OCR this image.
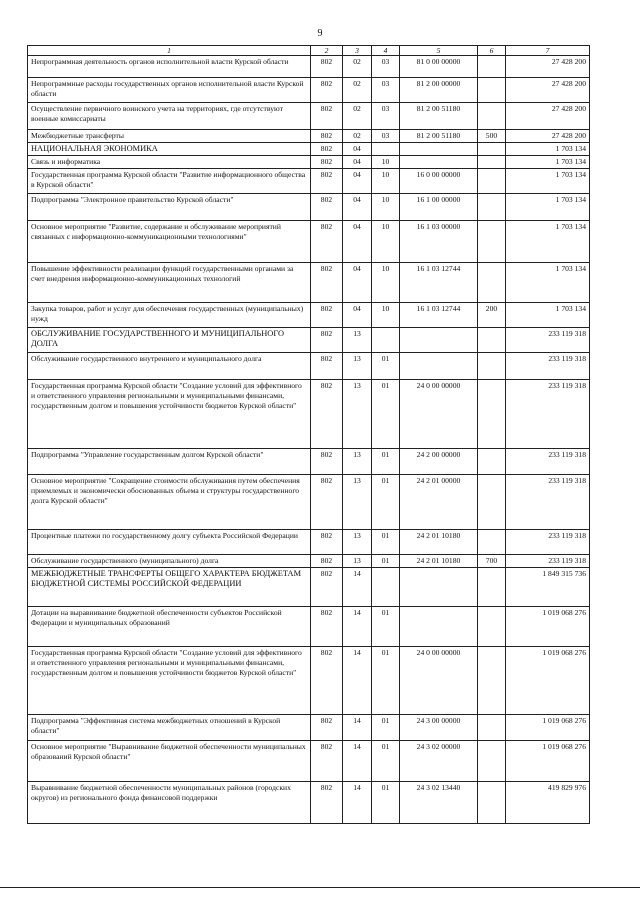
9
1	2	3	4	5	6	7
Непрограммная деятельность органов исполнительной власти Курской области	802	02	03	81 0 00 00000		27 428 200
Непрограммные расходы государственных органов исполнительной власти Курской области	802	02	03	81 2 00 00000		27 428 200
Осуществление первичного воинского учета на территориях, где отсутствуют военные комиссариаты	802	02	03	81 2 00 51180		27 428 200
Межбюджетные трансферты	802	02	03	81 2 00 51180	500	27 428 200
НАЦИОНАЛЬНАЯ ЭКОНОМИКА	802	04				1 703 134
Связь и информатика	802	04	10			1 703 134
Государственная программа Курской области "Развитие информационного общества в Курской области"	802	04	10	16 0 00 00000		1 703 134
Подпрограмма "Электронное правительство Курской области"	802	04	10	16 1 00 00000		1 703 134
Основное мероприятие "Развитие, содержание и обслуживание мероприятий связанных с информационно-коммуникационными технологиями"	802	04	10	16 1 03 00000		1 703 134
Повышение эффективности реализации функций государственными органами за счет внедрения информационно-коммуникационных технологий	802	04	10	16 1 03 12744		1 703 134
Закупка товаров, работ и услуг для обеспечения государственных (муниципальных) нужд	802	04	10	16 1 03 12744	200	1 703 134
ОБСЛУЖИВАНИЕ ГОСУДАРСТВЕННОГО И МУНИЦИПАЛЬНОГО ДОЛГА	802	13				233 119 318
Обслуживание государственного внутреннего и муниципального долга	802	13	01			233 119 318
Государственная программа Курской области "Создание условий для эффективного и ответственного управления региональными и муниципальными финансами, государственным долгом и повышения устойчивости бюджетов Курской области"	802	13	01	24 0 00 00000		233 119 318
Подпрограмма "Управление государственным долгом Курской области"	802	13	01	24 2 00 00000		233 119 318
Основное мероприятие "Сокращение стоимости обслуживания путем обеспечения приемлемых и экономически обоснованных объема и структуры государственного долга Курской области"	802	13	01	24 2 01 00000		233 119 318
Процентные платежи по государственному долгу субъекта Российской Федерации	802	13	01	24 2 01 10180		233 119 318
Обслуживание государственного (муниципального) долга	802	13	01	24 2 01 10180	700	233 119 318
МЕЖБЮДЖЕТНЫЕ ТРАНСФЕРТЫ ОБЩЕГО ХАРАКТЕРА БЮДЖЕТАМ БЮДЖЕТНОЙ СИСТЕМЫ РОССИЙСКОЙ ФЕДЕРАЦИИ	802	14				1 849 315 736
Дотации на выравнивание бюджетной обеспеченности субъектов Российской Федерации и муниципальных образований	802	14	01			1 019 068 276
Государственная программа Курской области "Создание условий для эффективного и ответственного управления региональными и муниципальными финансами, государственным долгом и повышения устойчивости бюджетов Курской области"	802	14	01	24 0 00 00000		1 019 068 276
Подпрограмма "Эффективная система межбюджетных отношений в Курской области"	802	14	01	24 3 00 00000		1 019 068 276
Основное мероприятие "Выравнивание бюджетной обеспеченности муниципальных образований Курской области"	802	14	01	24 3 02 00000		1 019 068 276
Выравнивание бюджетной обеспеченности муниципальных районов (городских округов) из регионального фонда финансовой поддержки	802	14	01	24 3 02 13440		419 829 976
